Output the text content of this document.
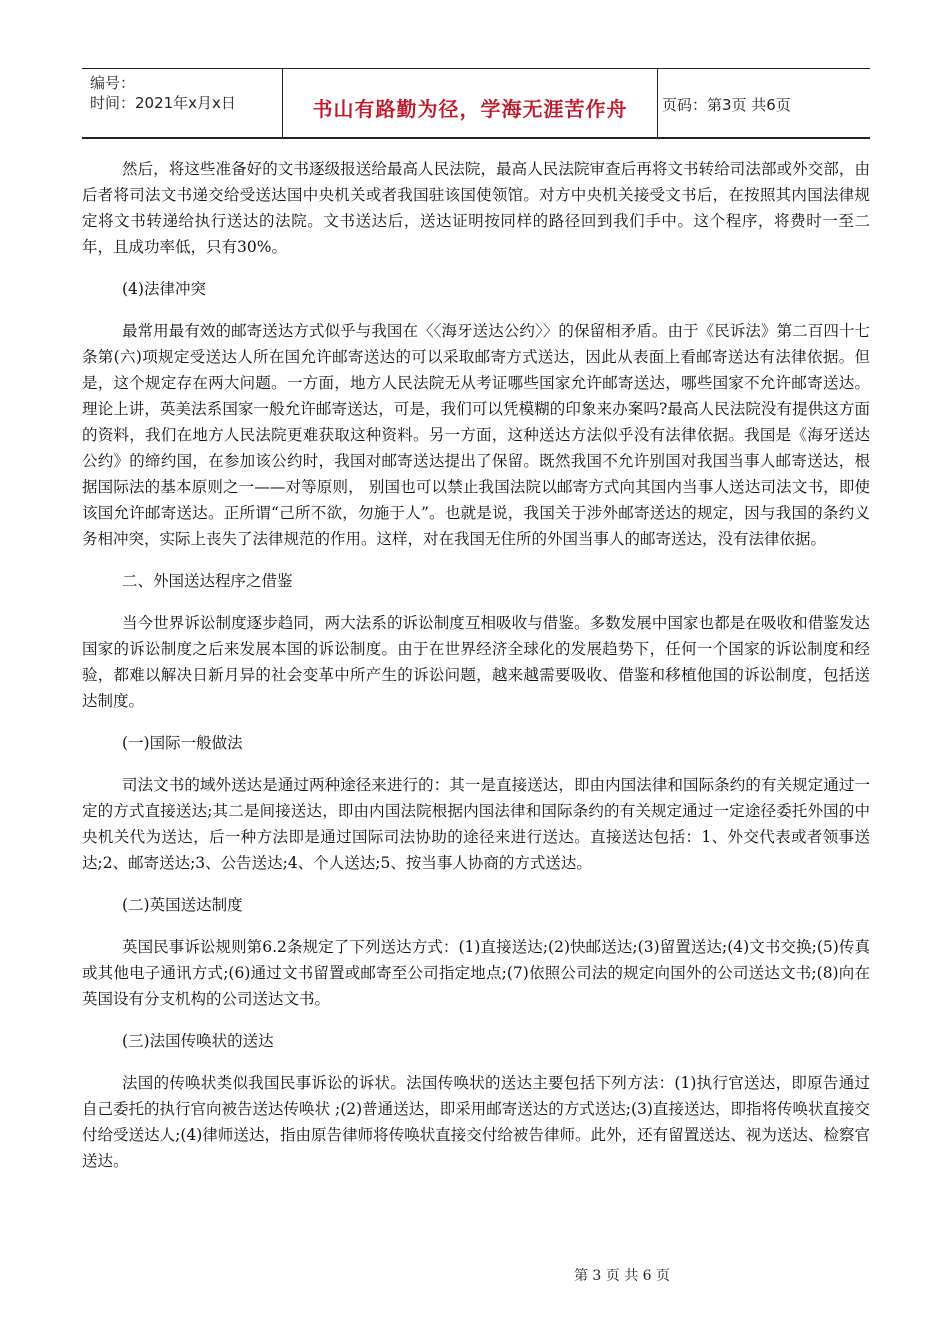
编号：
时间：2021年x月x日	书山有路勤为径，学海无涯苦作舟	页码：第3页 共6页

然后，将这些准备好的文书逐级报送给最高人民法院，最高人民法院审查后再将文书转给司法部或外交部，由后者将司法文书递交给受送达国中央机关或者我国驻该国使领馆。对方中央机关接受文书后，在按照其内国法律规定将文书转递给执行送达的法院。文书送达后，送达证明按同样的路径回到我们手中。这个程序，将费时一至二年，且成功率低，只有30%。

(4)法律冲突

最常用最有效的邮寄送达方式似乎与我国在〈〈海牙送达公约〉〉的保留相矛盾。由于《民诉法》第二百四十七条第(六)项规定受送达人所在国允许邮寄送达的可以采取邮寄方式送达，因此从表面上看邮寄送达有法律依据。但是，这个规定存在两大问题。一方面，地方人民法院无从考证哪些国家允许邮寄送达，哪些国家不允许邮寄送达。理论上讲，英美法系国家一般允许邮寄送达，可是，我们可以凭模糊的印象来办案吗?最高人民法院没有提供这方面的资料，我们在地方人民法院更难获取这种资料。另一方面，这种送达方法似乎没有法律依据。我国是《海牙送达公约》的缔约国，在参加该公约时，我国对邮寄送达提出了保留。既然我国不允许别国对我国当事人邮寄送达，根据国际法的基本原则之一——对等原则， 别国也可以禁止我国法院以邮寄方式向其国内当事人送达司法文书，即使该国允许邮寄送达。正所谓“己所不欲，勿施于人”。也就是说，我国关于涉外邮寄送达的规定，因与我国的条约义务相冲突，实际上丧失了法律规范的作用。这样，对在我国无住所的外国当事人的邮寄送达，没有法律依据。

二、外国送达程序之借鉴

当今世界诉讼制度逐步趋同，两大法系的诉讼制度互相吸收与借鉴。多数发展中国家也都是在吸收和借鉴发达国家的诉讼制度之后来发展本国的诉讼制度。由于在世界经济全球化的发展趋势下，任何一个国家的诉讼制度和经验，都难以解决日新月异的社会变革中所产生的诉讼问题，越来越需要吸收、借鉴和移植他国的诉讼制度，包括送达制度。

(一)国际一般做法

司法文书的域外送达是通过两种途径来进行的：其一是直接送达，即由内国法律和国际条约的有关规定通过一定的方式直接送达;其二是间接送达，即由内国法院根据内国法律和国际条约的有关规定通过一定途径委托外国的中央机关代为送达，后一种方法即是通过国际司法协助的途径来进行送达。直接送达包括：1、外交代表或者领事送达;2、邮寄送达;3、公告送达;4、个人送达;5、按当事人协商的方式送达。

(二)英国送达制度

英国民事诉讼规则第6.2条规定了下列送达方式：(1)直接送达;(2)快邮送达;(3)留置送达;(4)文书交换;(5)传真或其他电子通讯方式;(6)通过文书留置或邮寄至公司指定地点;(7)依照公司法的规定向国外的公司送达文书;(8)向在英国设有分支机构的公司送达文书。

(三)法国传唤状的送达

法国的传唤状类似我国民事诉讼的诉状。法国传唤状的送达主要包括下列方法：(1)执行官送达，即原告通过自己委托的执行官向被告送达传唤状 ;(2)普通送达，即采用邮寄送达的方式送达;(3)直接送达，即指将传唤状直接交付给受送达人;(4)律师送达，指由原告律师将传唤状直接交付给被告律师。此外，还有留置送达、视为送达、检察官送达。

第 3 页 共 6 页
